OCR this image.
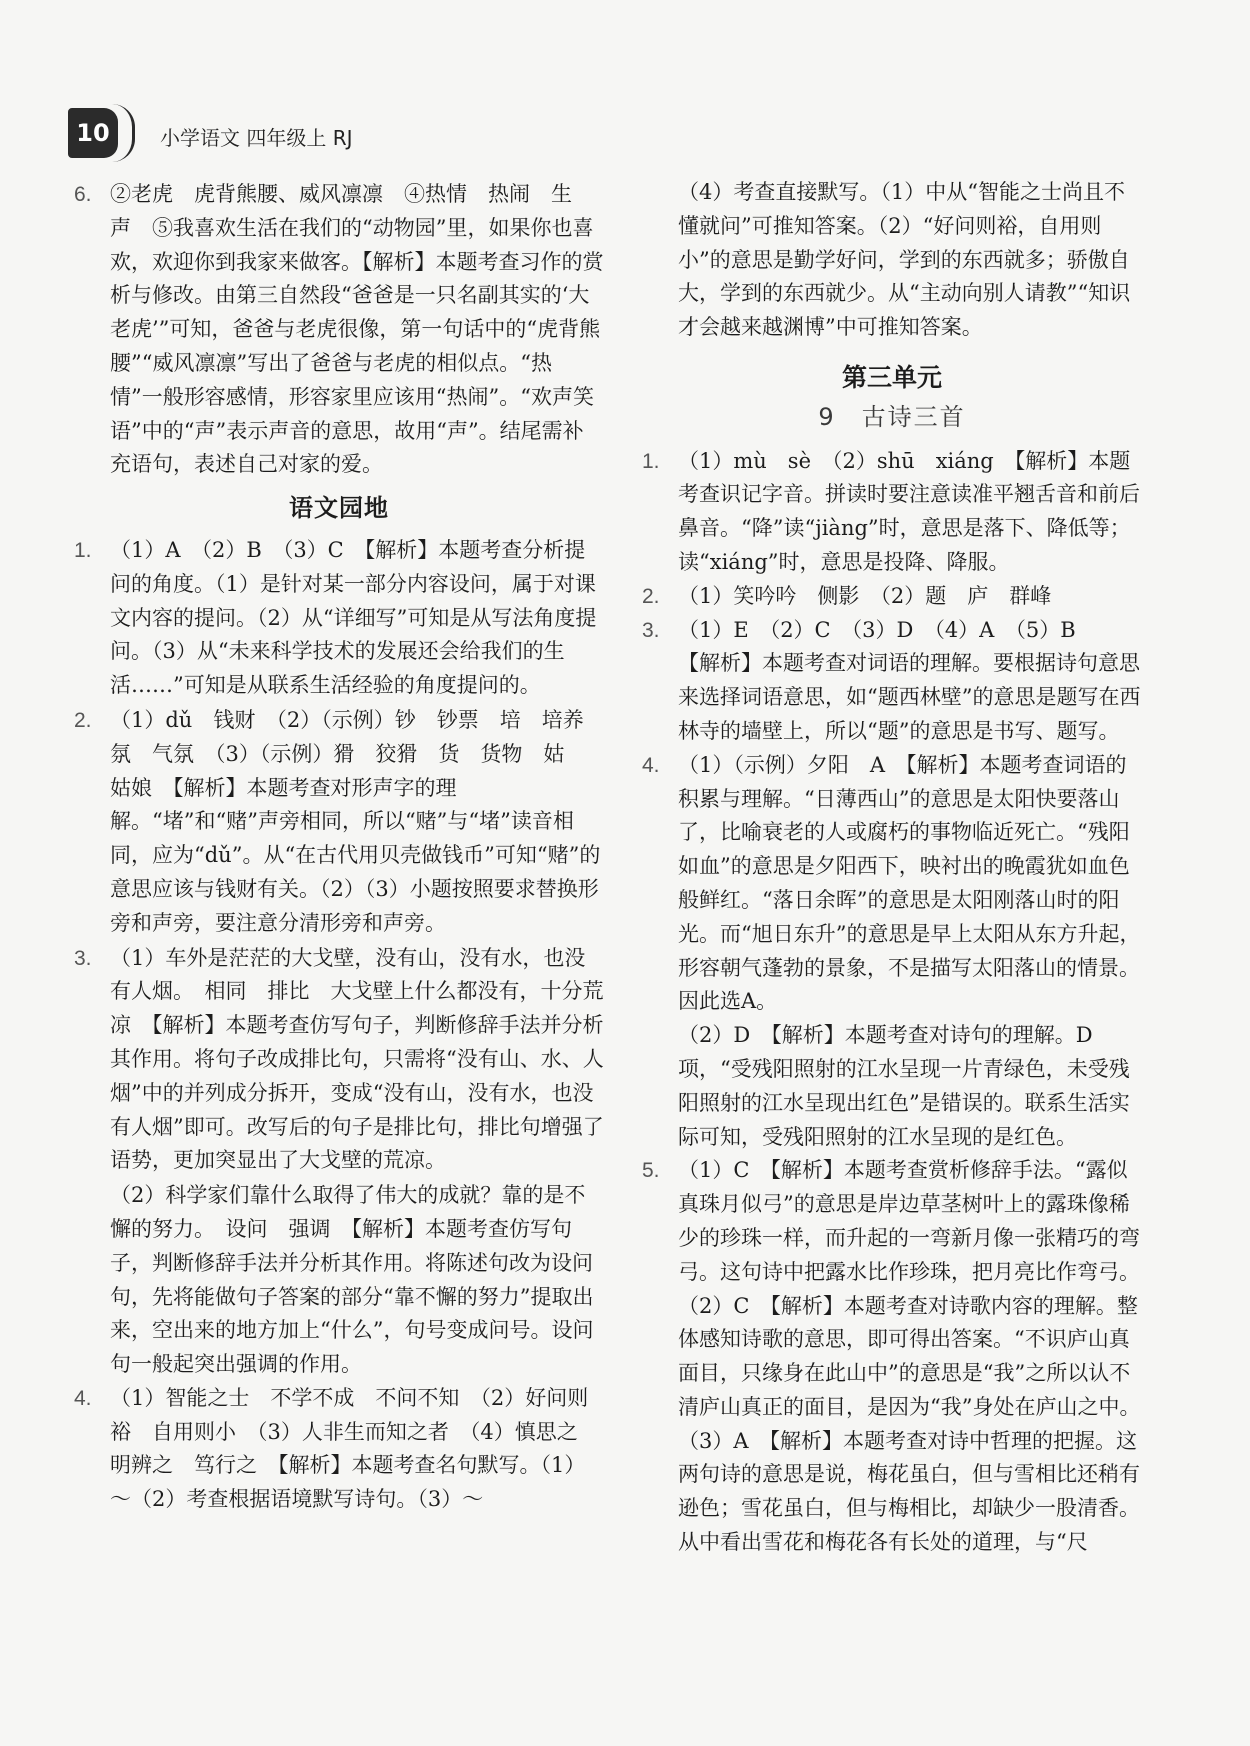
10	小学语文 四年级上 RJ
6. ②老虎　虎背熊腰、威风凛凛　④热情　热闹　生　声　⑤我喜欢生活在我们的“动物园”里，如果你也喜欢，欢迎你到我家来做客。【解析】本题考查习作的赏析与修改。由第三自然段“爸爸是一只名副其实的‘大老虎’”可知，爸爸与老虎很像，第一句话中的“虎背熊腰”“威风凛凛”写出了爸爸与老虎的相似点。“热情”一般形容感情，形容家里应该用“热闹”。“欢声笑语”中的“声”表示声音的意思，故用“声”。结尾需补充语句，表述自己对家的爱。
语文园地
1. （1）A　（2）B　（3）C　【解析】本题考查分析提问的角度。（1）是针对某一部分内容设问，属于对课文内容的提问。（2）从“详细写”可知是从写法角度提问。（3）从“未来科学技术的发展还会给我们的生活……”可知是从联系生活经验的角度提问的。
2. （1）dǔ　钱财　（2）（示例）钞　钞票　培　培养　氛　气氛　（3）（示例）猾　狡猾　货　货物　姑　姑娘　【解析】本题考查对形声字的理解。“堵”和“赌”声旁相同，所以“赌”与“堵”读音相同，应为“dǔ”。从“在古代用贝壳做钱币”可知“赌”的意思应该与钱财有关。（2）（3）小题按照要求替换形旁和声旁，要注意分清形旁和声旁。
3. （1）车外是茫茫的大戈壁，没有山，没有水，也没有人烟。　相同　排比　大戈壁上什么都没有，十分荒凉　【解析】本题考查仿写句子，判断修辞手法并分析其作用。将句子改成排比句，只需将“没有山、水、人烟”中的并列成分拆开，变成“没有山，没有水，也没有人烟”即可。改写后的句子是排比句，排比句增强了语势，更加突显出了大戈壁的荒凉。
（2）科学家们靠什么取得了伟大的成就？靠的是不懈的努力。　设问　强调　【解析】本题考查仿写句子，判断修辞手法并分析其作用。将陈述句改为设问句，先将能做句子答案的部分“靠不懈的努力”提取出来，空出来的地方加上“什么”，句号变成问号。设问句一般起突出强调的作用。
4. （1）智能之士　不学不成　不问不知　（2）好问则裕　自用则小　（3）人非生而知之者　（4）慎思之　明辨之　笃行之　【解析】本题考查名句默写。（1）～（2）考查根据语境默写诗句。（3）～
（4）考查直接默写。（1）中从“智能之士尚且不懂就问”可推知答案。（2）“好问则裕，自用则小”的意思是勤学好问，学到的东西就多；骄傲自大，学到的东西就少。从“主动向别人请教”“知识才会越来越渊博”中可推知答案。
第三单元
9　古诗三首
1. （1）mù　sè　（2）shū　xiáng　【解析】本题考查识记字音。拼读时要注意读准平翘舌音和前后鼻音。“降”读“jiàng”时，意思是落下、降低等；读“xiáng”时，意思是投降、降服。
2. （1）笑吟吟　侧影　（2）题　庐　群峰
3. （1）E　（2）C　（3）D　（4）A　（5）B
【解析】本题考查对词语的理解。要根据诗句意思来选择词语意思，如“题西林壁”的意思是题写在西林寺的墙壁上，所以“题”的意思是书写、题写。
4. （1）（示例）夕阳　A　【解析】本题考查词语的积累与理解。“日薄西山”的意思是太阳快要落山了，比喻衰老的人或腐朽的事物临近死亡。“残阳如血”的意思是夕阳西下，映衬出的晚霞犹如血色般鲜红。“落日余晖”的意思是太阳刚落山时的阳光。而“旭日东升”的意思是早上太阳从东方升起，形容朝气蓬勃的景象，不是描写太阳落山的情景。因此选A。
（2）D　【解析】本题考查对诗句的理解。D项，“受残阳照射的江水呈现一片青绿色，未受残阳照射的江水呈现出红色”是错误的。联系生活实际可知，受残阳照射的江水呈现的是红色。
5. （1）C　【解析】本题考查赏析修辞手法。“露似真珠月似弓”的意思是岸边草茎树叶上的露珠像稀少的珍珠一样，而升起的一弯新月像一张精巧的弯弓。这句诗中把露水比作珍珠，把月亮比作弯弓。
（2）C　【解析】本题考查对诗歌内容的理解。整体感知诗歌的意思，即可得出答案。“不识庐山真面目，只缘身在此山中”的意思是“我”之所以认不清庐山真正的面目，是因为“我”身处在庐山之中。
（3）A　【解析】本题考查对诗中哲理的把握。这两句诗的意思是说，梅花虽白，但与雪相比还稍有逊色；雪花虽白，但与梅相比，却缺少一股清香。从中看出雪花和梅花各有长处的道理，与“尺
